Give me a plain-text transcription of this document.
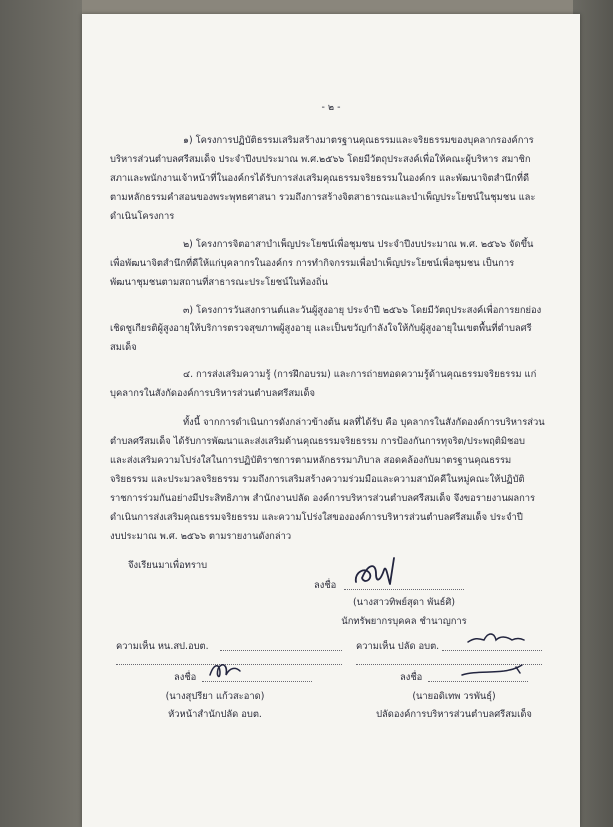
- ๒ -
๑) โครงการปฏิบัติธรรมเสริมสร้างมาตรฐานคุณธรรมและจริยธรรมของบุคลากรองค์การ
บริหารส่วนตำบลศรีสมเด็จ ประจำปีงบประมาณ พ.ศ.๒๕๖๖ โดยมีวัตถุประสงค์เพื่อให้คณะผู้บริหาร สมาชิก
สภาและพนักงานเจ้าหน้าที่ในองค์กรได้รับการส่งเสริมคุณธรรมจริยธรรมในองค์กร และพัฒนาจิตสำนึกที่ดี
ตามหลักธรรมคำสอนของพระพุทธศาสนา รวมถึงการสร้างจิตสาธารณะและบำเพ็ญประโยชน์ในชุมชน และ
ดำเนินโครงการ
๒) โครงการจิตอาสาบำเพ็ญประโยชน์เพื่อชุมชน ประจำปีงบประมาณ พ.ศ. ๒๕๖๖ จัดขึ้น
เพื่อพัฒนาจิตสำนึกที่ดีให้แก่บุคลากรในองค์กร การทำกิจกรรมเพื่อบำเพ็ญประโยชน์เพื่อชุมชน เป็นการ
พัฒนาชุมชนตามสถานที่สาธารณะประโยชน์ในท้องถิ่น
๓) โครงการวันสงกรานต์และวันผู้สูงอายุ ประจำปี ๒๕๖๖ โดยมีวัตถุประสงค์เพื่อการยกย่อง
เชิดชูเกียรติผู้สูงอายุให้บริการตรวจสุขภาพผู้สูงอายุ และเป็นขวัญกำลังใจให้กับผู้สูงอายุในเขตพื้นที่ตำบลศรี
สมเด็จ
๔. การส่งเสริมความรู้ (การฝึกอบรม) และการถ่ายทอดความรู้ด้านคุณธรรมจริยธรรม แก่
บุคลากรในสังกัดองค์การบริหารส่วนตำบลศรีสมเด็จ
ทั้งนี้ จากการดำเนินการดังกล่าวข้างต้น ผลที่ได้รับ คือ บุคลากรในสังกัดองค์การบริหารส่วน
ตำบลศรีสมเด็จ ได้รับการพัฒนาและส่งเสริมด้านคุณธรรมจริยธรรม การป้องกันการทุจริต/ประพฤติมิชอบ
และส่งเสริมความโปร่งใสในการปฏิบัติราชการตามหลักธรรมาภิบาล สอดคล้องกับมาตรฐานคุณธรรม
จริยธรรม และประมวลจริยธรรม รวมถึงการเสริมสร้างความร่วมมือและความสามัคคีในหมู่คณะให้ปฏิบัติ
ราชการร่วมกันอย่างมีประสิทธิภาพ สำนักงานปลัด องค์การบริหารส่วนตำบลศรีสมเด็จ จึงขอรายงานผลการ
ดำเนินการส่งเสริมคุณธรรมจริยธรรม และความโปร่งใสขององค์การบริหารส่วนตำบลศรีสมเด็จ ประจำปี
งบประมาณ พ.ศ. ๒๕๖๖ ตามรายงานดังกล่าว
จึงเรียนมาเพื่อทราบ
ลงชื่อ
(นางสาวทิพย์สุดา พันธ์ศิ)
นักทรัพยากรบุคคล ชำนาญการ
ความเห็น หน.สป.อบต.
ลงชื่อ
(นางสุปรียา แก้วสะอาด)
หัวหน้าสำนักปลัด อบต.
ความเห็น ปลัด อบต.
ลงชื่อ
(นายอดิเทพ วรพันธุ์)
ปลัดองค์การบริหารส่วนตำบลศรีสมเด็จ
